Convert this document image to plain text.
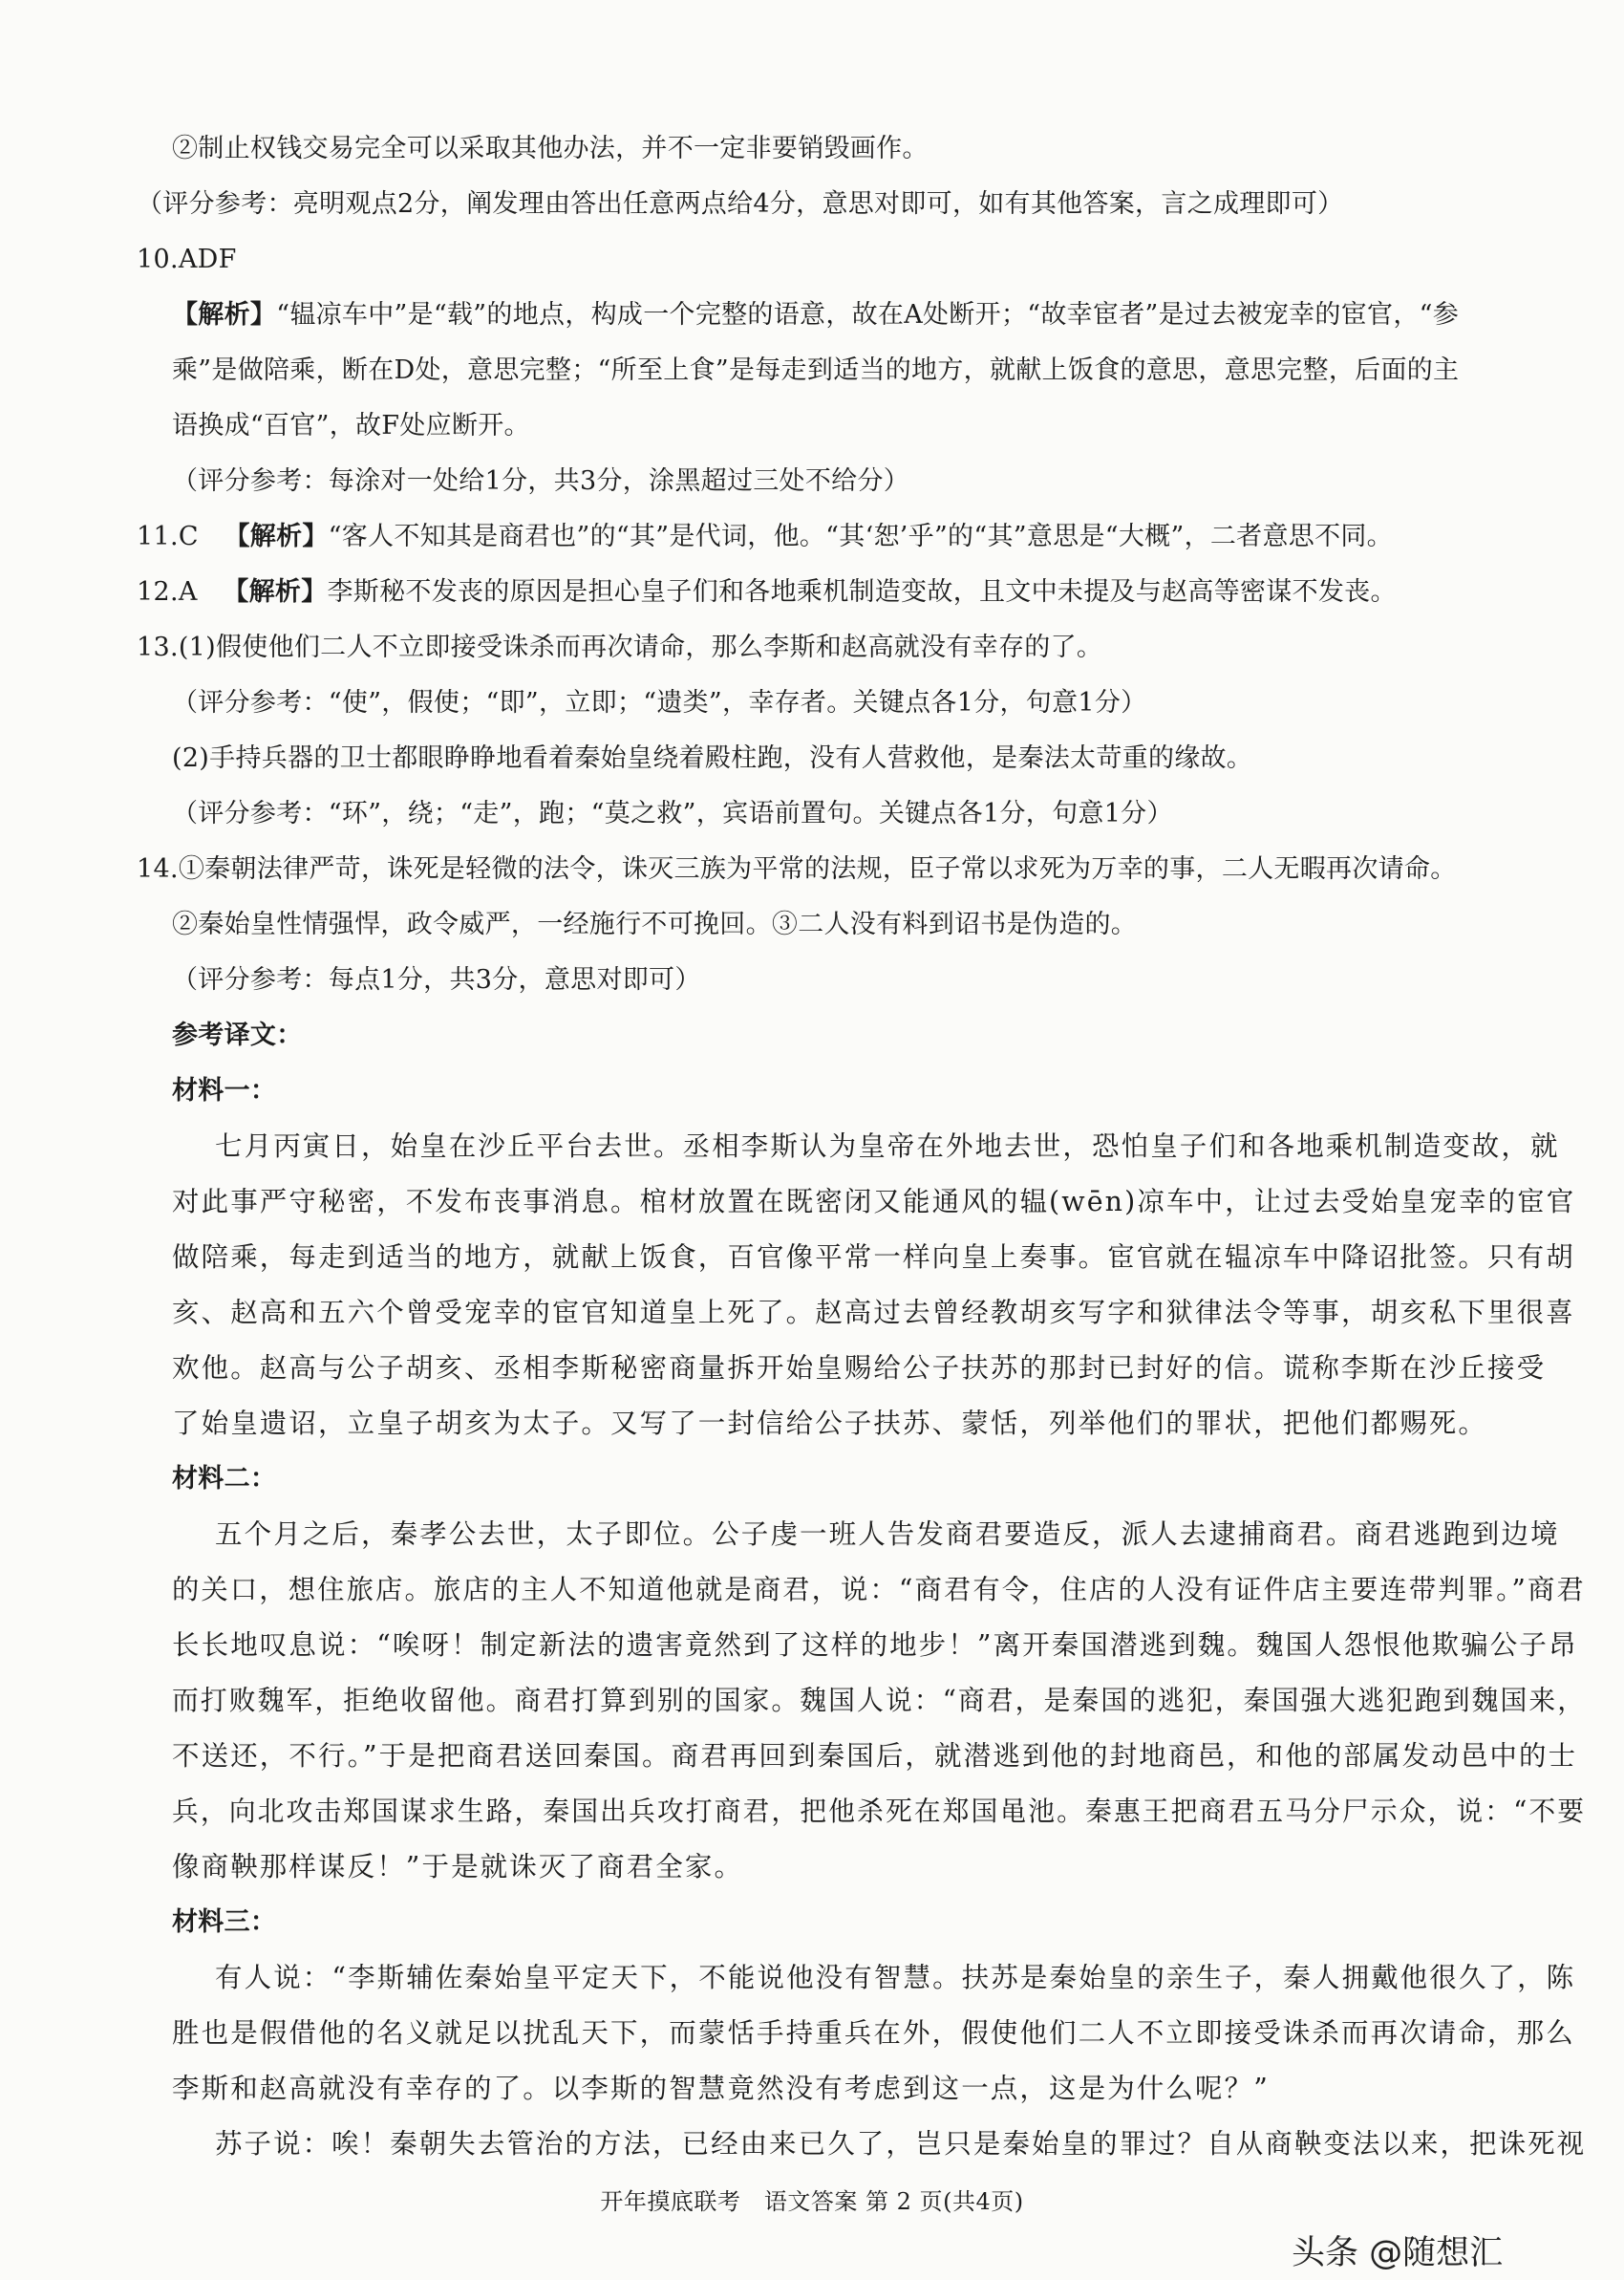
②制止权钱交易完全可以采取其他办法，并不一定非要销毁画作。

（评分参考：亮明观点2分，阐发理由答出任意两点给4分，意思对即可，如有其他答案，言之成理即可）

10.ADF

【解析】“辒凉车中”是“载”的地点，构成一个完整的语意，故在A处断开；“故幸宦者”是过去被宠幸的宦官，“参

乘”是做陪乘，断在D处，意思完整；“所至上食”是每走到适当的地方，就献上饭食的意思，意思完整，后面的主

语换成“百官”，故F处应断开。

（评分参考：每涂对一处给1分，共3分，涂黑超过三处不给分）

11.C 【解析】“客人不知其是商君也”的“其”是代词，他。“其‘恕’乎”的“其”意思是“大概”，二者意思不同。

12.A 【解析】李斯秘不发丧的原因是担心皇子们和各地乘机制造变故，且文中未提及与赵高等密谋不发丧。

13.(1)假使他们二人不立即接受诛杀而再次请命，那么李斯和赵高就没有幸存的了。

（评分参考：“使”，假使；“即”，立即；“遗类”，幸存者。关键点各1分，句意1分）

(2)手持兵器的卫士都眼睁睁地看着秦始皇绕着殿柱跑，没有人营救他，是秦法太苛重的缘故。

（评分参考：“环”，绕；“走”，跑；“莫之救”，宾语前置句。关键点各1分，句意1分）

14.①秦朝法律严苛，诛死是轻微的法令，诛灭三族为平常的法规，臣子常以求死为万幸的事，二人无暇再次请命。

②秦始皇性情强悍，政令威严，一经施行不可挽回。③二人没有料到诏书是伪造的。

（评分参考：每点1分，共3分，意思对即可）

参考译文：

材料一：

七月丙寅日，始皇在沙丘平台去世。丞相李斯认为皇帝在外地去世，恐怕皇子们和各地乘机制造变故，就

对此事严守秘密，不发布丧事消息。棺材放置在既密闭又能通风的辒(wēn)凉车中，让过去受始皇宠幸的宦官

做陪乘，每走到适当的地方，就献上饭食，百官像平常一样向皇上奏事。宦官就在辒凉车中降诏批签。只有胡

亥、赵高和五六个曾受宠幸的宦官知道皇上死了。赵高过去曾经教胡亥写字和狱律法令等事，胡亥私下里很喜

欢他。赵高与公子胡亥、丞相李斯秘密商量拆开始皇赐给公子扶苏的那封已封好的信。谎称李斯在沙丘接受

了始皇遗诏，立皇子胡亥为太子。又写了一封信给公子扶苏、蒙恬，列举他们的罪状，把他们都赐死。

材料二：

五个月之后，秦孝公去世，太子即位。公子虔一班人告发商君要造反，派人去逮捕商君。商君逃跑到边境

的关口，想住旅店。旅店的主人不知道他就是商君，说：“商君有令，住店的人没有证件店主要连带判罪。”商君

长长地叹息说：“唉呀！制定新法的遗害竟然到了这样的地步！”离开秦国潜逃到魏。魏国人怨恨他欺骗公子昂

而打败魏军，拒绝收留他。商君打算到别的国家。魏国人说：“商君，是秦国的逃犯，秦国强大逃犯跑到魏国来，

不送还，不行。”于是把商君送回秦国。商君再回到秦国后，就潜逃到他的封地商邑，和他的部属发动邑中的士

兵，向北攻击郑国谋求生路，秦国出兵攻打商君，把他杀死在郑国黾池。秦惠王把商君五马分尸示众，说：“不要

像商鞅那样谋反！”于是就诛灭了商君全家。

材料三：

有人说：“李斯辅佐秦始皇平定天下，不能说他没有智慧。扶苏是秦始皇的亲生子，秦人拥戴他很久了，陈

胜也是假借他的名义就足以扰乱天下，而蒙恬手持重兵在外，假使他们二人不立即接受诛杀而再次请命，那么

李斯和赵高就没有幸存的了。以李斯的智慧竟然没有考虑到这一点，这是为什么呢？”

苏子说：唉！秦朝失去管治的方法，已经由来已久了，岂只是秦始皇的罪过？自从商鞅变法以来，把诛死视

开年摸底联考　语文答案 第 2 页(共4页)
头条 @随想汇
